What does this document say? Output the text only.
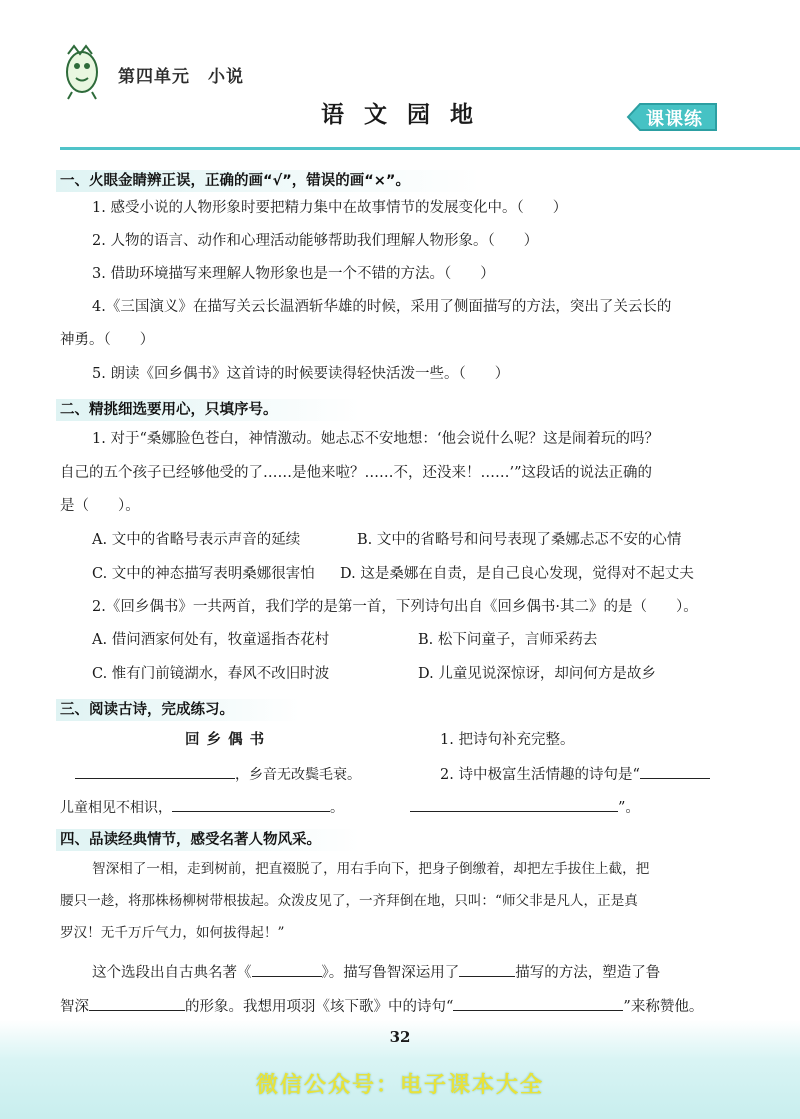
第四单元 小说
语 文 园 地	课课练
一、火眼金睛辨正误，正确的画“√”，错误的画“×”。
1. 感受小说的人物形象时要把精力集中在故事情节的发展变化中。（　　）
2. 人物的语言、动作和心理活动能够帮助我们理解人物形象。（　　）
3. 借助环境描写来理解人物形象也是一个不错的方法。（　　）
4.《三国演义》在描写关云长温酒斩华雄的时候，采用了侧面描写的方法，突出了关云长的
神勇。（　　）
5. 朗读《回乡偶书》这首诗的时候要读得轻快活泼一些。（　　）
二、精挑细选要用心，只填序号。
1. 对于“桑娜脸色苍白，神情激动。她忐忑不安地想：‘他会说什么呢？这是闹着玩的吗？
自己的五个孩子已经够他受的了……是他来啦？……不，还没来！……’”这段话的说法正确的
是（　　）。
A. 文中的省略号表示声音的延续	B. 文中的省略号和问号表现了桑娜忐忑不安的心情
C. 文中的神态描写表明桑娜很害怕 D. 这是桑娜在自责，是自己良心发现，觉得对不起丈夫
2.《回乡偶书》一共两首，我们学的是第一首，下列诗句出自《回乡偶书·其二》的是（　　）。
A. 借问酒家何处有，牧童遥指杏花村	B. 松下问童子，言师采药去
C. 惟有门前镜湖水，春风不改旧时波	D. 儿童见说深惊讶，却问何方是故乡
三、阅读古诗，完成练习。
回 乡 偶 书	1. 把诗句补充完整。
，乡音无改鬓毛衰。	2. 诗中极富生活情趣的诗句是“
儿童相见不相识，	。	”。
四、品读经典情节，感受名著人物风采。
智深相了一相，走到树前，把直裰脱了，用右手向下，把身子倒缴着，却把左手拔住上截，把
腰只一趁，将那株杨柳树带根拔起。众泼皮见了，一齐拜倒在地，只叫：“师父非是凡人，正是真
罗汉！无千万斤气力，如何拔得起！”
这个选段出自古典名著《	》。描写鲁智深运用了	描写的方法，塑造了鲁
智深	的形象。我想用项羽《垓下歌》中的诗句“	”来称赞他。
32
微信公众号：电子课本大全
